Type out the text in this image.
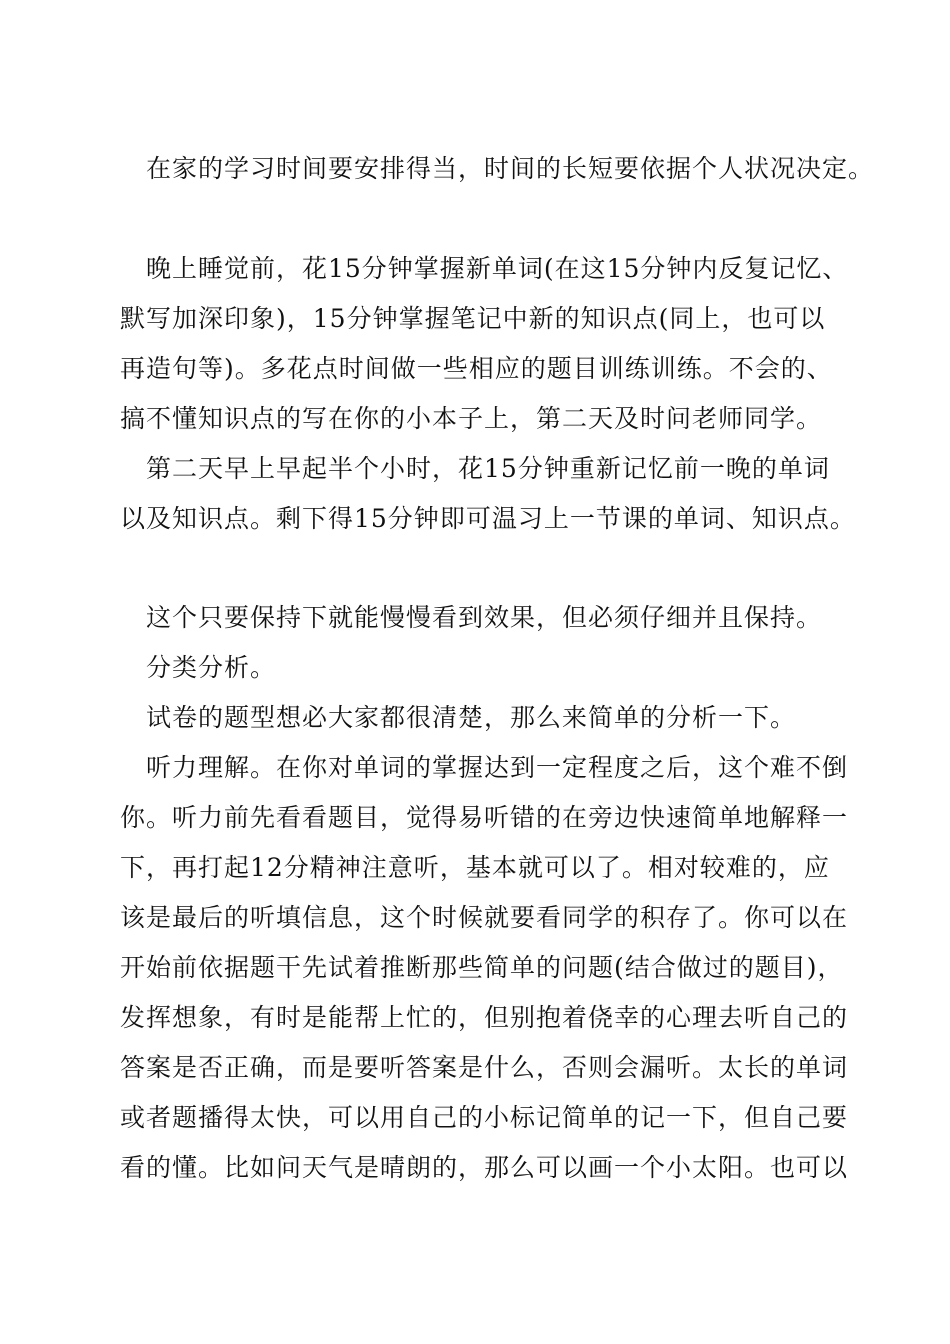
在家的学习时间要安排得当，时间的长短要依据个人状况决定。
晚上睡觉前，花15分钟掌握新单词(在这15分钟内反复记忆、
默写加深印象)，15分钟掌握笔记中新的知识点(同上，也可以
再造句等)。多花点时间做一些相应的题目训练训练。不会的、
搞不懂知识点的写在你的小本子上，第二天及时问老师同学。
第二天早上早起半个小时，花15分钟重新记忆前一晚的单词
以及知识点。剩下得15分钟即可温习上一节课的单词、知识点。
这个只要保持下就能慢慢看到效果，但必须仔细并且保持。
分类分析。
试卷的题型想必大家都很清楚，那么来简单的分析一下。
听力理解。在你对单词的掌握达到一定程度之后，这个难不倒
你。听力前先看看题目，觉得易听错的在旁边快速简单地解释一
下，再打起12分精神注意听，基本就可以了。相对较难的，应
该是最后的听填信息，这个时候就要看同学的积存了。你可以在
开始前依据题干先试着推断那些简单的问题(结合做过的题目)，
发挥想象，有时是能帮上忙的，但别抱着侥幸的心理去听自己的
答案是否正确，而是要听答案是什么，否则会漏听。太长的单词
或者题播得太快，可以用自己的小标记简单的记一下，但自己要
看的懂。比如问天气是晴朗的，那么可以画一个小太阳。也可以
